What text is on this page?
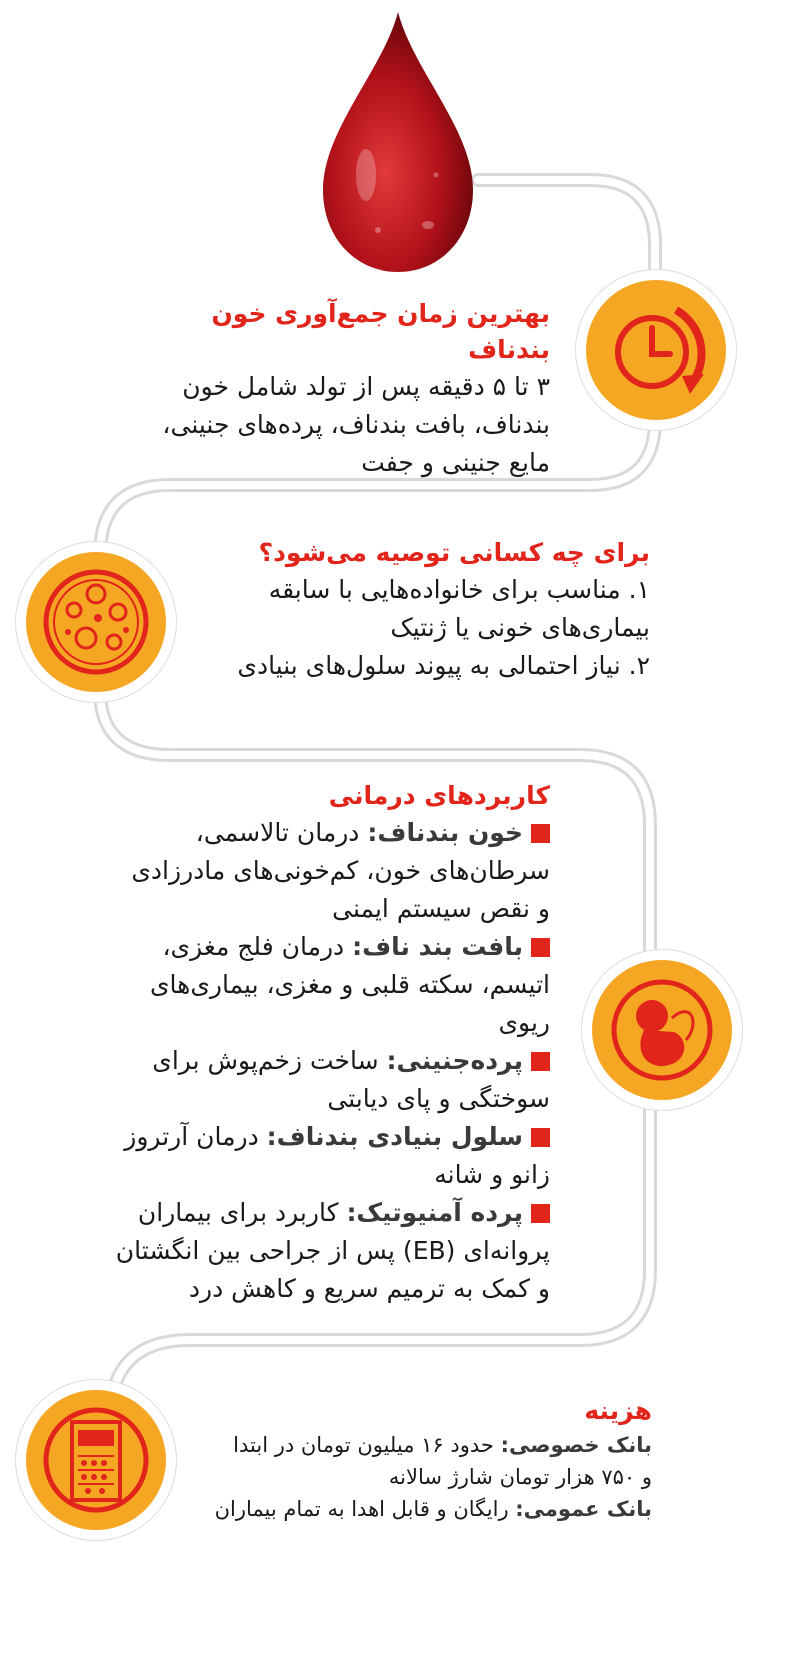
بهترین زمان جمع‌آوری خون بندناف
۳ تا ۵ دقیقه پس از تولد شامل خون
بندناف، بافت بندناف، پرده‌های جنینی،
مایع جنینی و جفت
برای چه کسانی توصیه می‌شود؟
۱. مناسب برای خانواده‌هایی با سابقه
بیماری‌های خونی یا ژنتیک
۲. نیاز احتمالی به پیوند سلول‌های بنیادی
کاربردهای درمانی
خون بندناف: درمان تالاسمی،
سرطان‌های خون، کم‌خونی‌های مادرزادی
و نقص سیستم ایمنی
بافت بند ناف: درمان فلج مغزی،
اتیسم، سکته قلبی و مغزی، بیماری‌های
ریوی
پرده‌جنینی: ساخت زخم‌پوش برای
سوختگی و پای دیابتی
سلول بنیادی بندناف: درمان آرتروز
زانو و شانه
پرده آمنیوتیک: کاربرد برای بیماران
پروانه‌ای (EB) پس از جراحی بین انگشتان
و کمک به ترمیم سریع و کاهش درد
هزینه
بانک خصوصی: حدود ۱۶ میلیون تومان در ابتدا
و ۷۵۰ هزار تومان شارژ سالانه
بانک عمومی: رایگان و قابل اهدا به تمام بیماران
